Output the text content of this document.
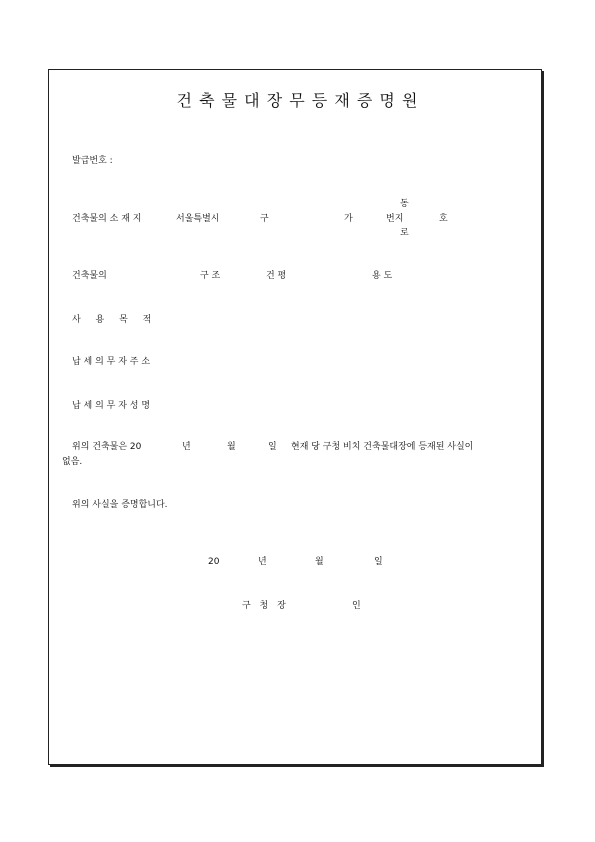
건 축 물 대 장 무 등 재 증 명 원
발급번호 :
건축물의 소 재 지	서울특별시	구	가
동
번지
로
호
건축물의	구 조	건 평	용 도
사 용 목 적
납 세 의 무 자 주 소
납 세 의 무 자 성 명
위의 건축물은 20	년	월	일 현재 당 구청 비치 건축물대장에 등재된 사실이
없음.
위의 사실을 증명합니다.
20	년	월	일
구 청 장	인
